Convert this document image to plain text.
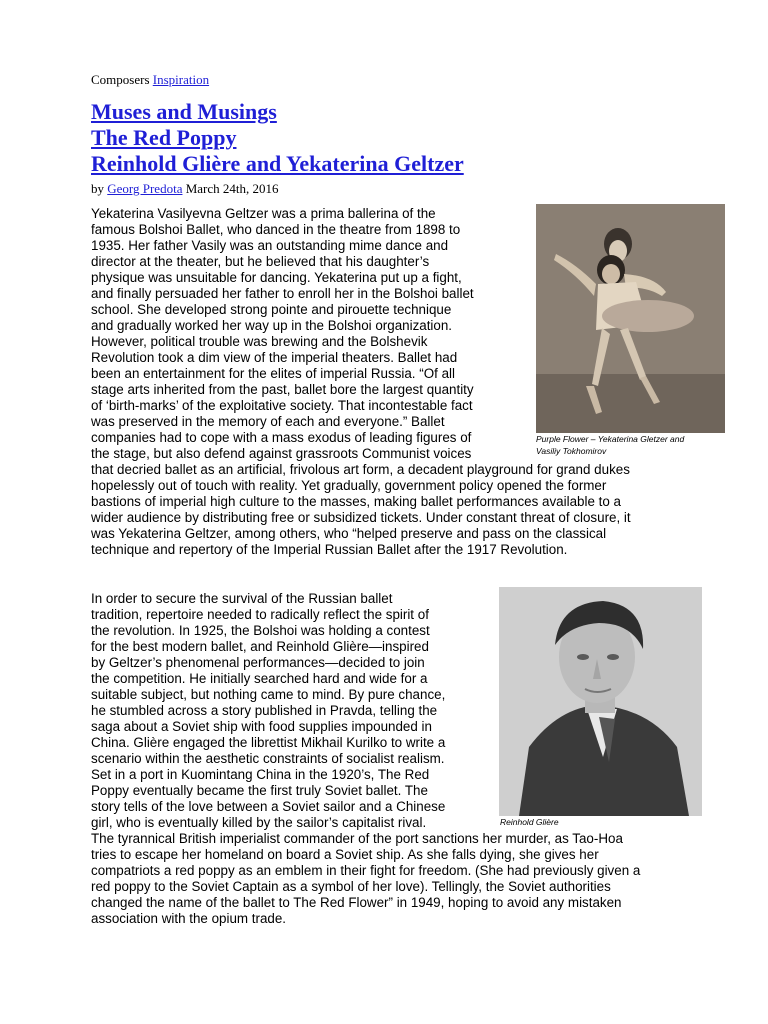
Composers Inspiration
Muses and Musings
The Red Poppy
Reinhold Glière and Yekaterina Geltzer
by Georg Predota March 24th, 2016
Yekaterina Vasilyevna Geltzer was a prima ballerina of the
famous Bolshoi Ballet, who danced in the theatre from 1898 to
1935. Her father Vasily was an outstanding mime dance and
director at the theater, but he believed that his daughter’s
physique was unsuitable for dancing. Yekaterina put up a fight,
and finally persuaded her father to enroll her in the Bolshoi ballet
school. She developed strong pointe and pirouette technique
and gradually worked her way up in the Bolshoi organization.
However, political trouble was brewing and the Bolshevik
Revolution took a dim view of the imperial theaters. Ballet had
been an entertainment for the elites of imperial Russia. “Of all
stage arts inherited from the past, ballet bore the largest quantity
of ‘birth-marks’ of the exploitative society. That incontestable fact
was preserved in the memory of each and everyone.” Ballet
companies had to cope with a mass exodus of leading figures of
the stage, but also defend against grassroots Communist voices
that decried ballet as an artificial, frivolous art form, a decadent playground for grand dukes
hopelessly out of touch with reality. Yet gradually, government policy opened the former
bastions of imperial high culture to the masses, making ballet performances available to a
wider audience by distributing free or subsidized tickets. Under constant threat of closure, it
was Yekaterina Geltzer, among others, who “helped preserve and pass on the classical
technique and repertory of the Imperial Russian Ballet after the 1917 Revolution.
Purple Flower – Yekaterina Gletzer and
Vasiliy Tokhomirov
In order to secure the survival of the Russian ballet
tradition, repertoire needed to radically reflect the spirit of
the revolution. In 1925, the Bolshoi was holding a contest
for the best modern ballet, and Reinhold Glière—inspired
by Geltzer’s phenomenal performances—decided to join
the competition. He initially searched hard and wide for a
suitable subject, but nothing came to mind. By pure chance,
he stumbled across a story published in Pravda, telling the
saga about a Soviet ship with food supplies impounded in
China. Glière engaged the librettist Mikhail Kurilko to write a
scenario within the aesthetic constraints of socialist realism.
Set in a port in Kuomintang China in the 1920’s, The Red
Poppy eventually became the first truly Soviet ballet. The
story tells of the love between a Soviet sailor and a Chinese
girl, who is eventually killed by the sailor’s capitalist rival.
The tyrannical British imperialist commander of the port sanctions her murder, as Tao-Hoa
tries to escape her homeland on board a Soviet ship. As she falls dying, she gives her
compatriots a red poppy as an emblem in their fight for freedom. (She had previously given a
red poppy to the Soviet Captain as a symbol of her love). Tellingly, the Soviet authorities
changed the name of the ballet to The Red Flower” in 1949, hoping to avoid any mistaken
association with the opium trade.
Reinhold Glière
